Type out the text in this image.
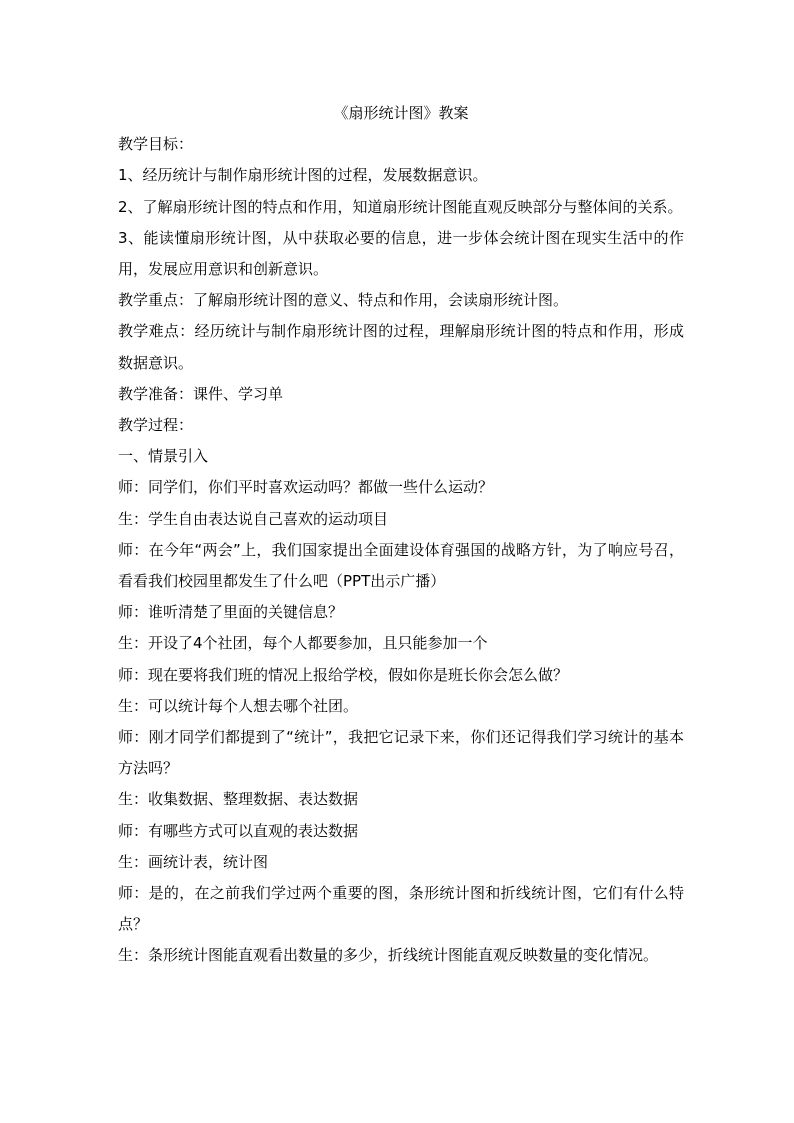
《扇形统计图》教案
教学目标：
1、经历统计与制作扇形统计图的过程，发展数据意识。
2、了解扇形统计图的特点和作用，知道扇形统计图能直观反映部分与整体间的关系。
3、能读懂扇形统计图，从中获取必要的信息，进一步体会统计图在现实生活中的作用，发展应用意识和创新意识。
教学重点：了解扇形统计图的意义、特点和作用，会读扇形统计图。
教学难点：经历统计与制作扇形统计图的过程，理解扇形统计图的特点和作用，形成数据意识。
教学准备：课件、学习单
教学过程：
一、情景引入
师：同学们，你们平时喜欢运动吗？都做一些什么运动？
生：学生自由表达说自己喜欢的运动项目
师：在今年“两会”上，我们国家提出全面建设体育强国的战略方针，为了响应号召，看看我们校园里都发生了什么吧（PPT出示广播）
师：谁听清楚了里面的关键信息？
生：开设了4个社团，每个人都要参加，且只能参加一个
师：现在要将我们班的情况上报给学校，假如你是班长你会怎么做？
生：可以统计每个人想去哪个社团。
师：刚才同学们都提到了“统计”，我把它记录下来，你们还记得我们学习统计的基本方法吗？
生：收集数据、整理数据、表达数据
师：有哪些方式可以直观的表达数据
生：画统计表，统计图
师：是的，在之前我们学过两个重要的图，条形统计图和折线统计图，它们有什么特点？
生：条形统计图能直观看出数量的多少，折线统计图能直观反映数量的变化情况。
